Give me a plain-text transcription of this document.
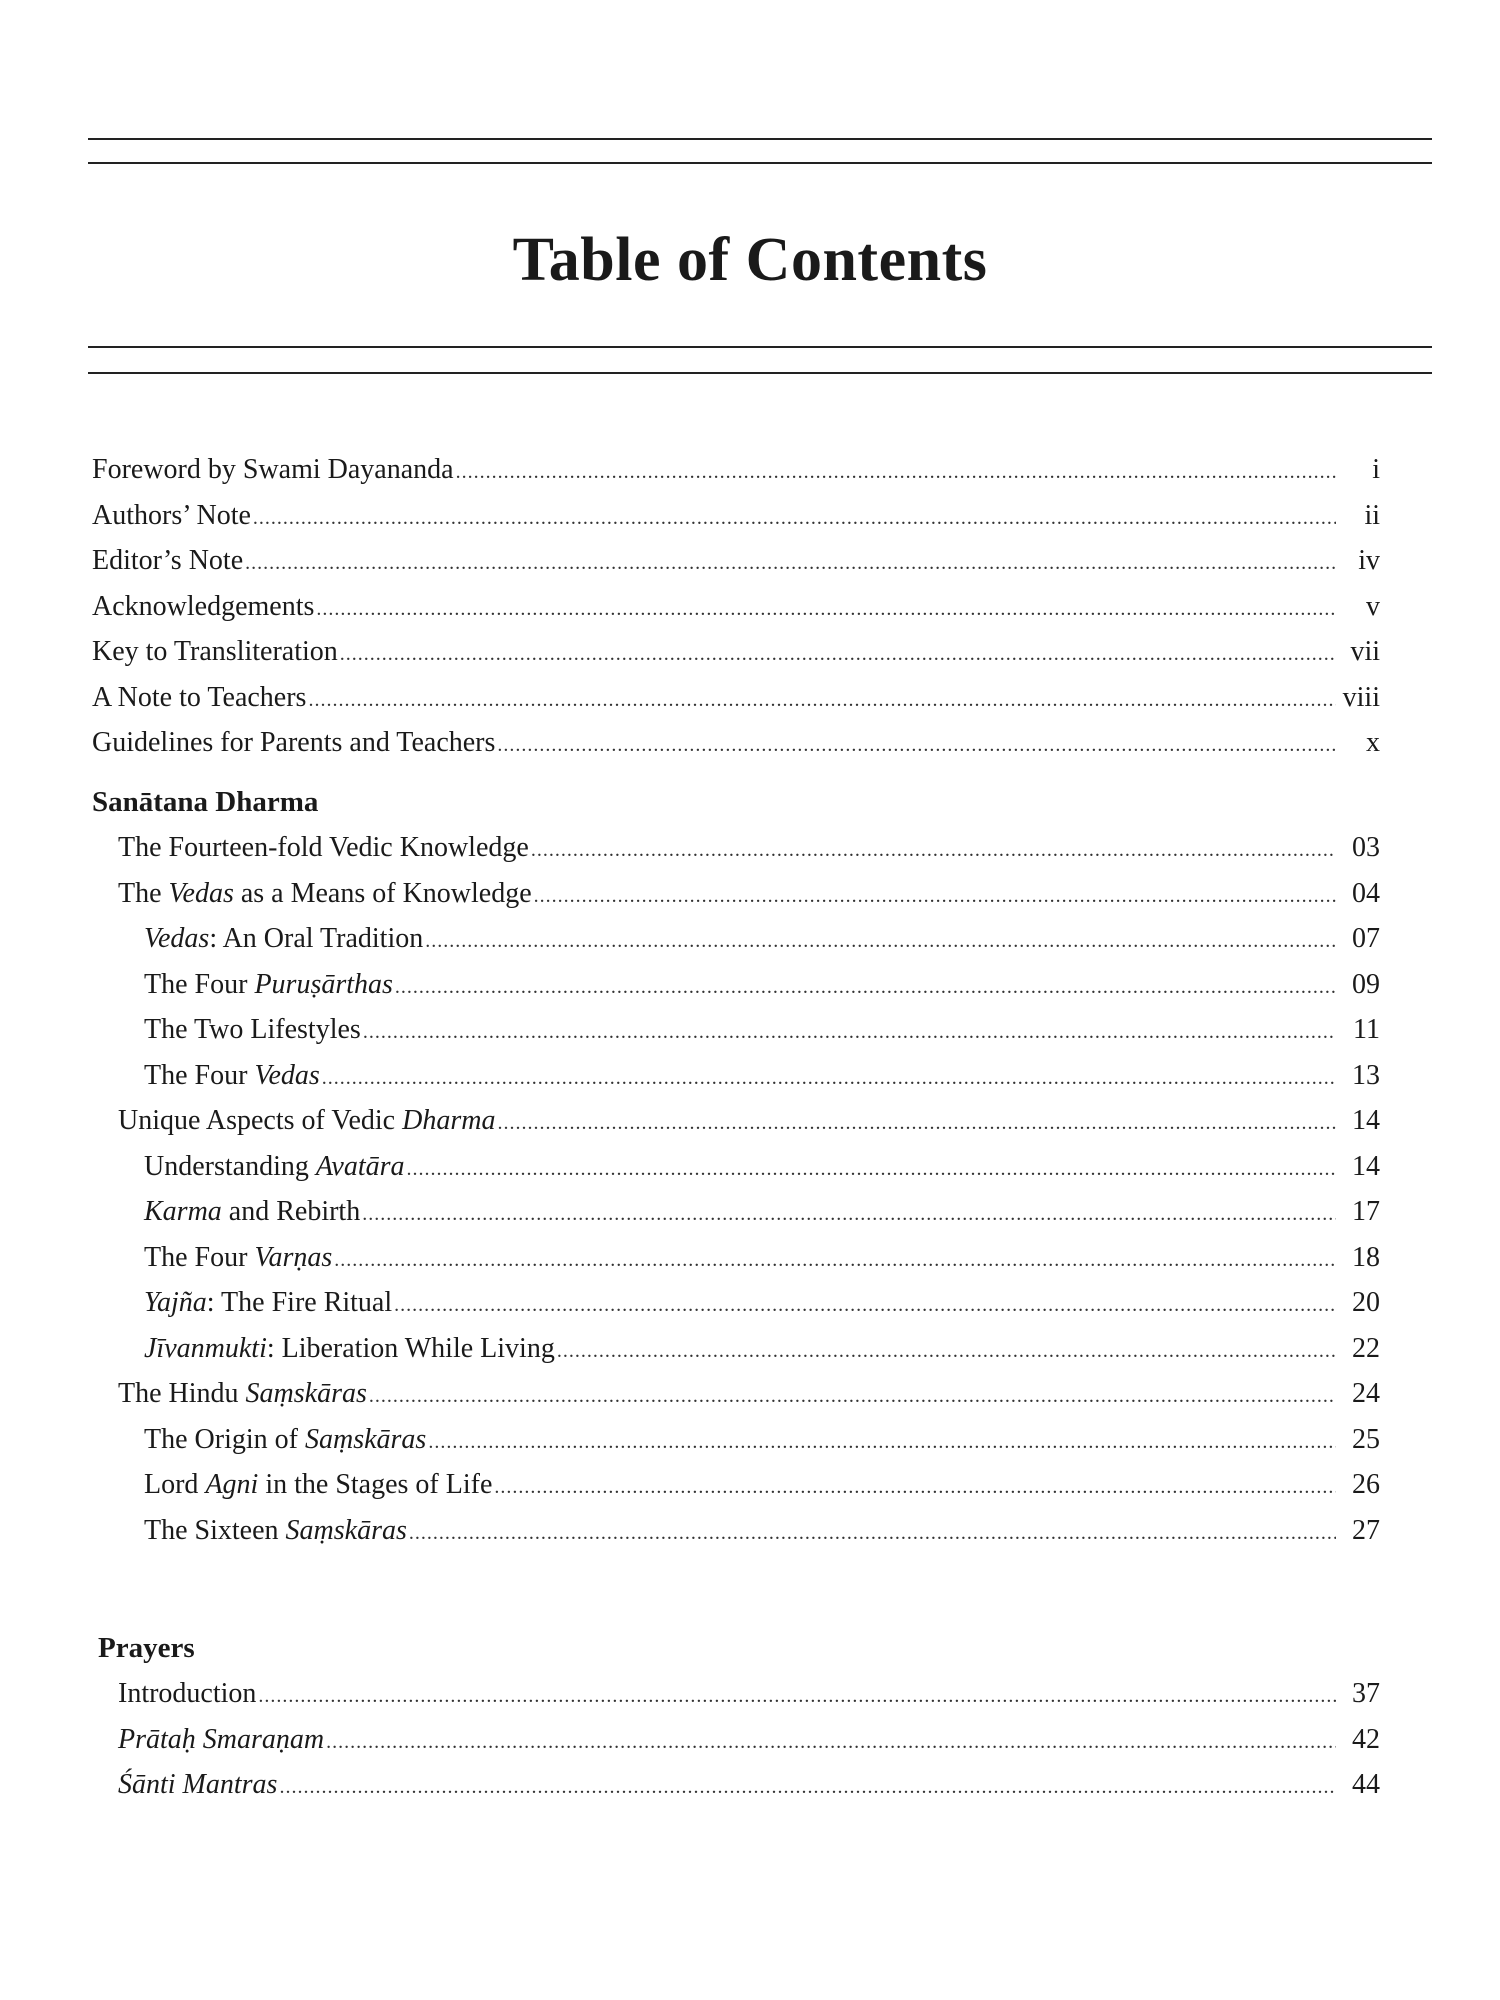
Table of Contents
Foreword by Swami Dayananda .....	i
Authors’ Note .....	ii
Editor’s Note .....	iv
Acknowledgements .....	v
Key to Transliteration .....	vii
A Note to Teachers .....	viii
Guidelines for Parents and Teachers .....	x
Sanātana Dharma
The Fourteen-fold Vedic Knowledge .....	03
The Vedas as a Means of Knowledge .....	04
Vedas: An Oral Tradition .....	07
The Four Puruṣārthas .....	09
The Two Lifestyles .....	11
The Four Vedas .....	13
Unique Aspects of Vedic Dharma .....	14
Understanding Avatāra .....	14
Karma and Rebirth .....	17
The Four Varṇas .....	18
Yajña: The Fire Ritual .....	20
Jīvanmukti: Liberation While Living .....	22
The Hindu Saṃskāras .....	24
The Origin of Saṃskāras .....	25
Lord Agni in the Stages of Life .....	26
The Sixteen Saṃskāras .....	27
Prayers
Introduction .....	37
Prātaḥ Smaraṇam .....	42
Śānti Mantras .....	44
